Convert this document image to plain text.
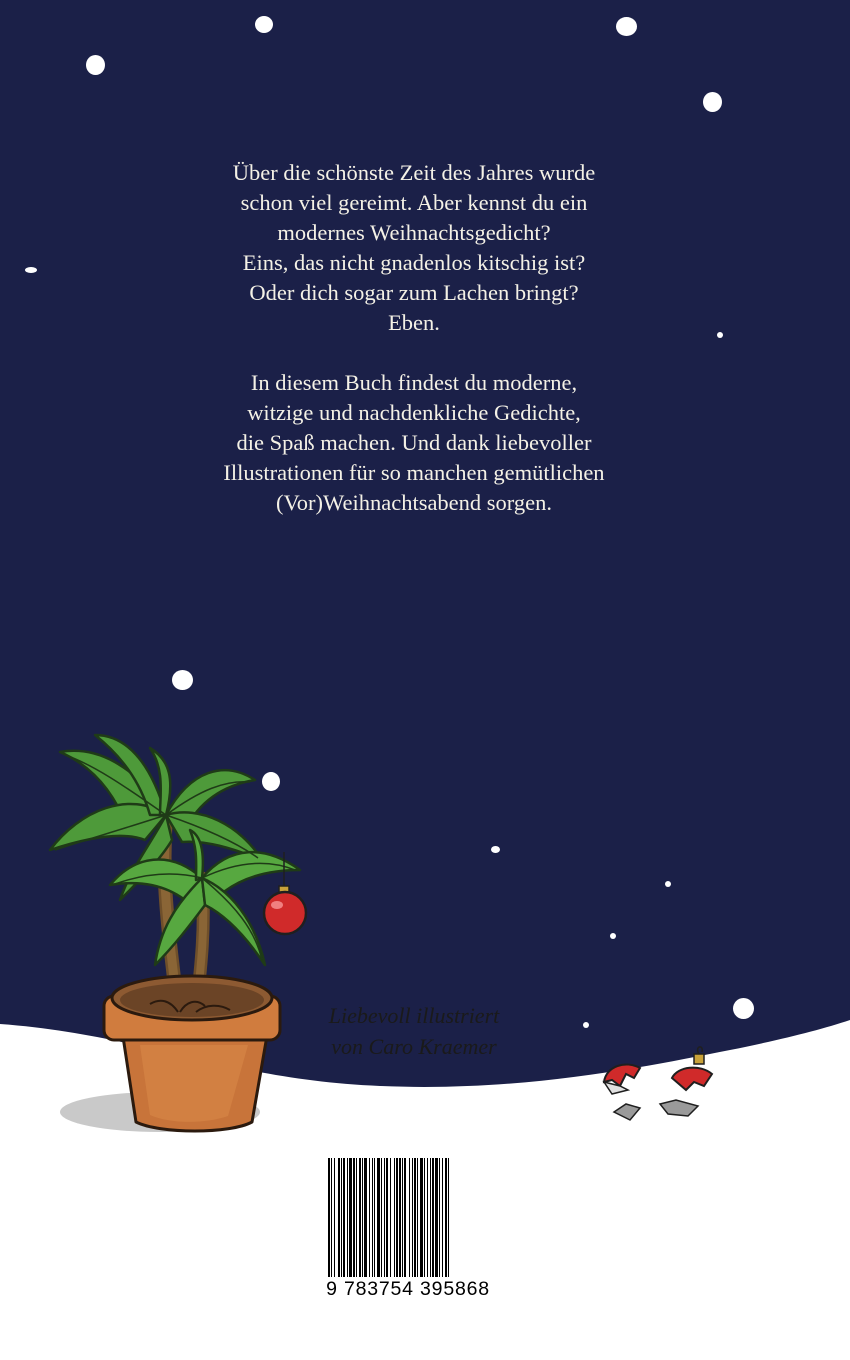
Über die schönste Zeit des Jahres wurde
schon viel gereimt. Aber kennst du ein
modernes Weihnachtsgedicht?
Eins, das nicht gnadenlos kitschig ist?
Oder dich sogar zum Lachen bringt?
Eben.
In diesem Buch findest du moderne,
witzige und nachdenkliche Gedichte,
die Spaß machen. Und dank liebevoller
Illustrationen für so manchen gemütlichen
(Vor)Weihnachtsabend sorgen.
Liebevoll illustriert
von Caro Kraemer
9 783754 395868
